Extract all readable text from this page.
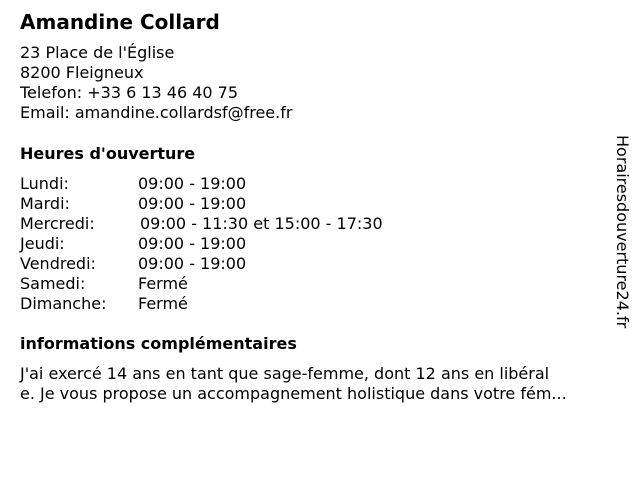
Amandine Collard
23 Place de l'Église
8200 Fleigneux
Telefon: +33 6 13 46 40 75
Email: amandine.collardsf@free.fr
Heures d'ouverture
Lundi:	09:00 - 19:00
Mardi:	09:00 - 19:00
Mercredi:	09:00 - 11:30 et 15:00 - 17:30
Jeudi:	09:00 - 19:00
Vendredi:	09:00 - 19:00
Samedi:	Fermé
Dimanche: Fermé
informations complémentaires
J'ai exercé 14 ans en tant que sage-femme, dont 12 ans en libéral
e. Je vous propose un accompagnement holistique dans votre fém...
Horairesdouverture24.fr
